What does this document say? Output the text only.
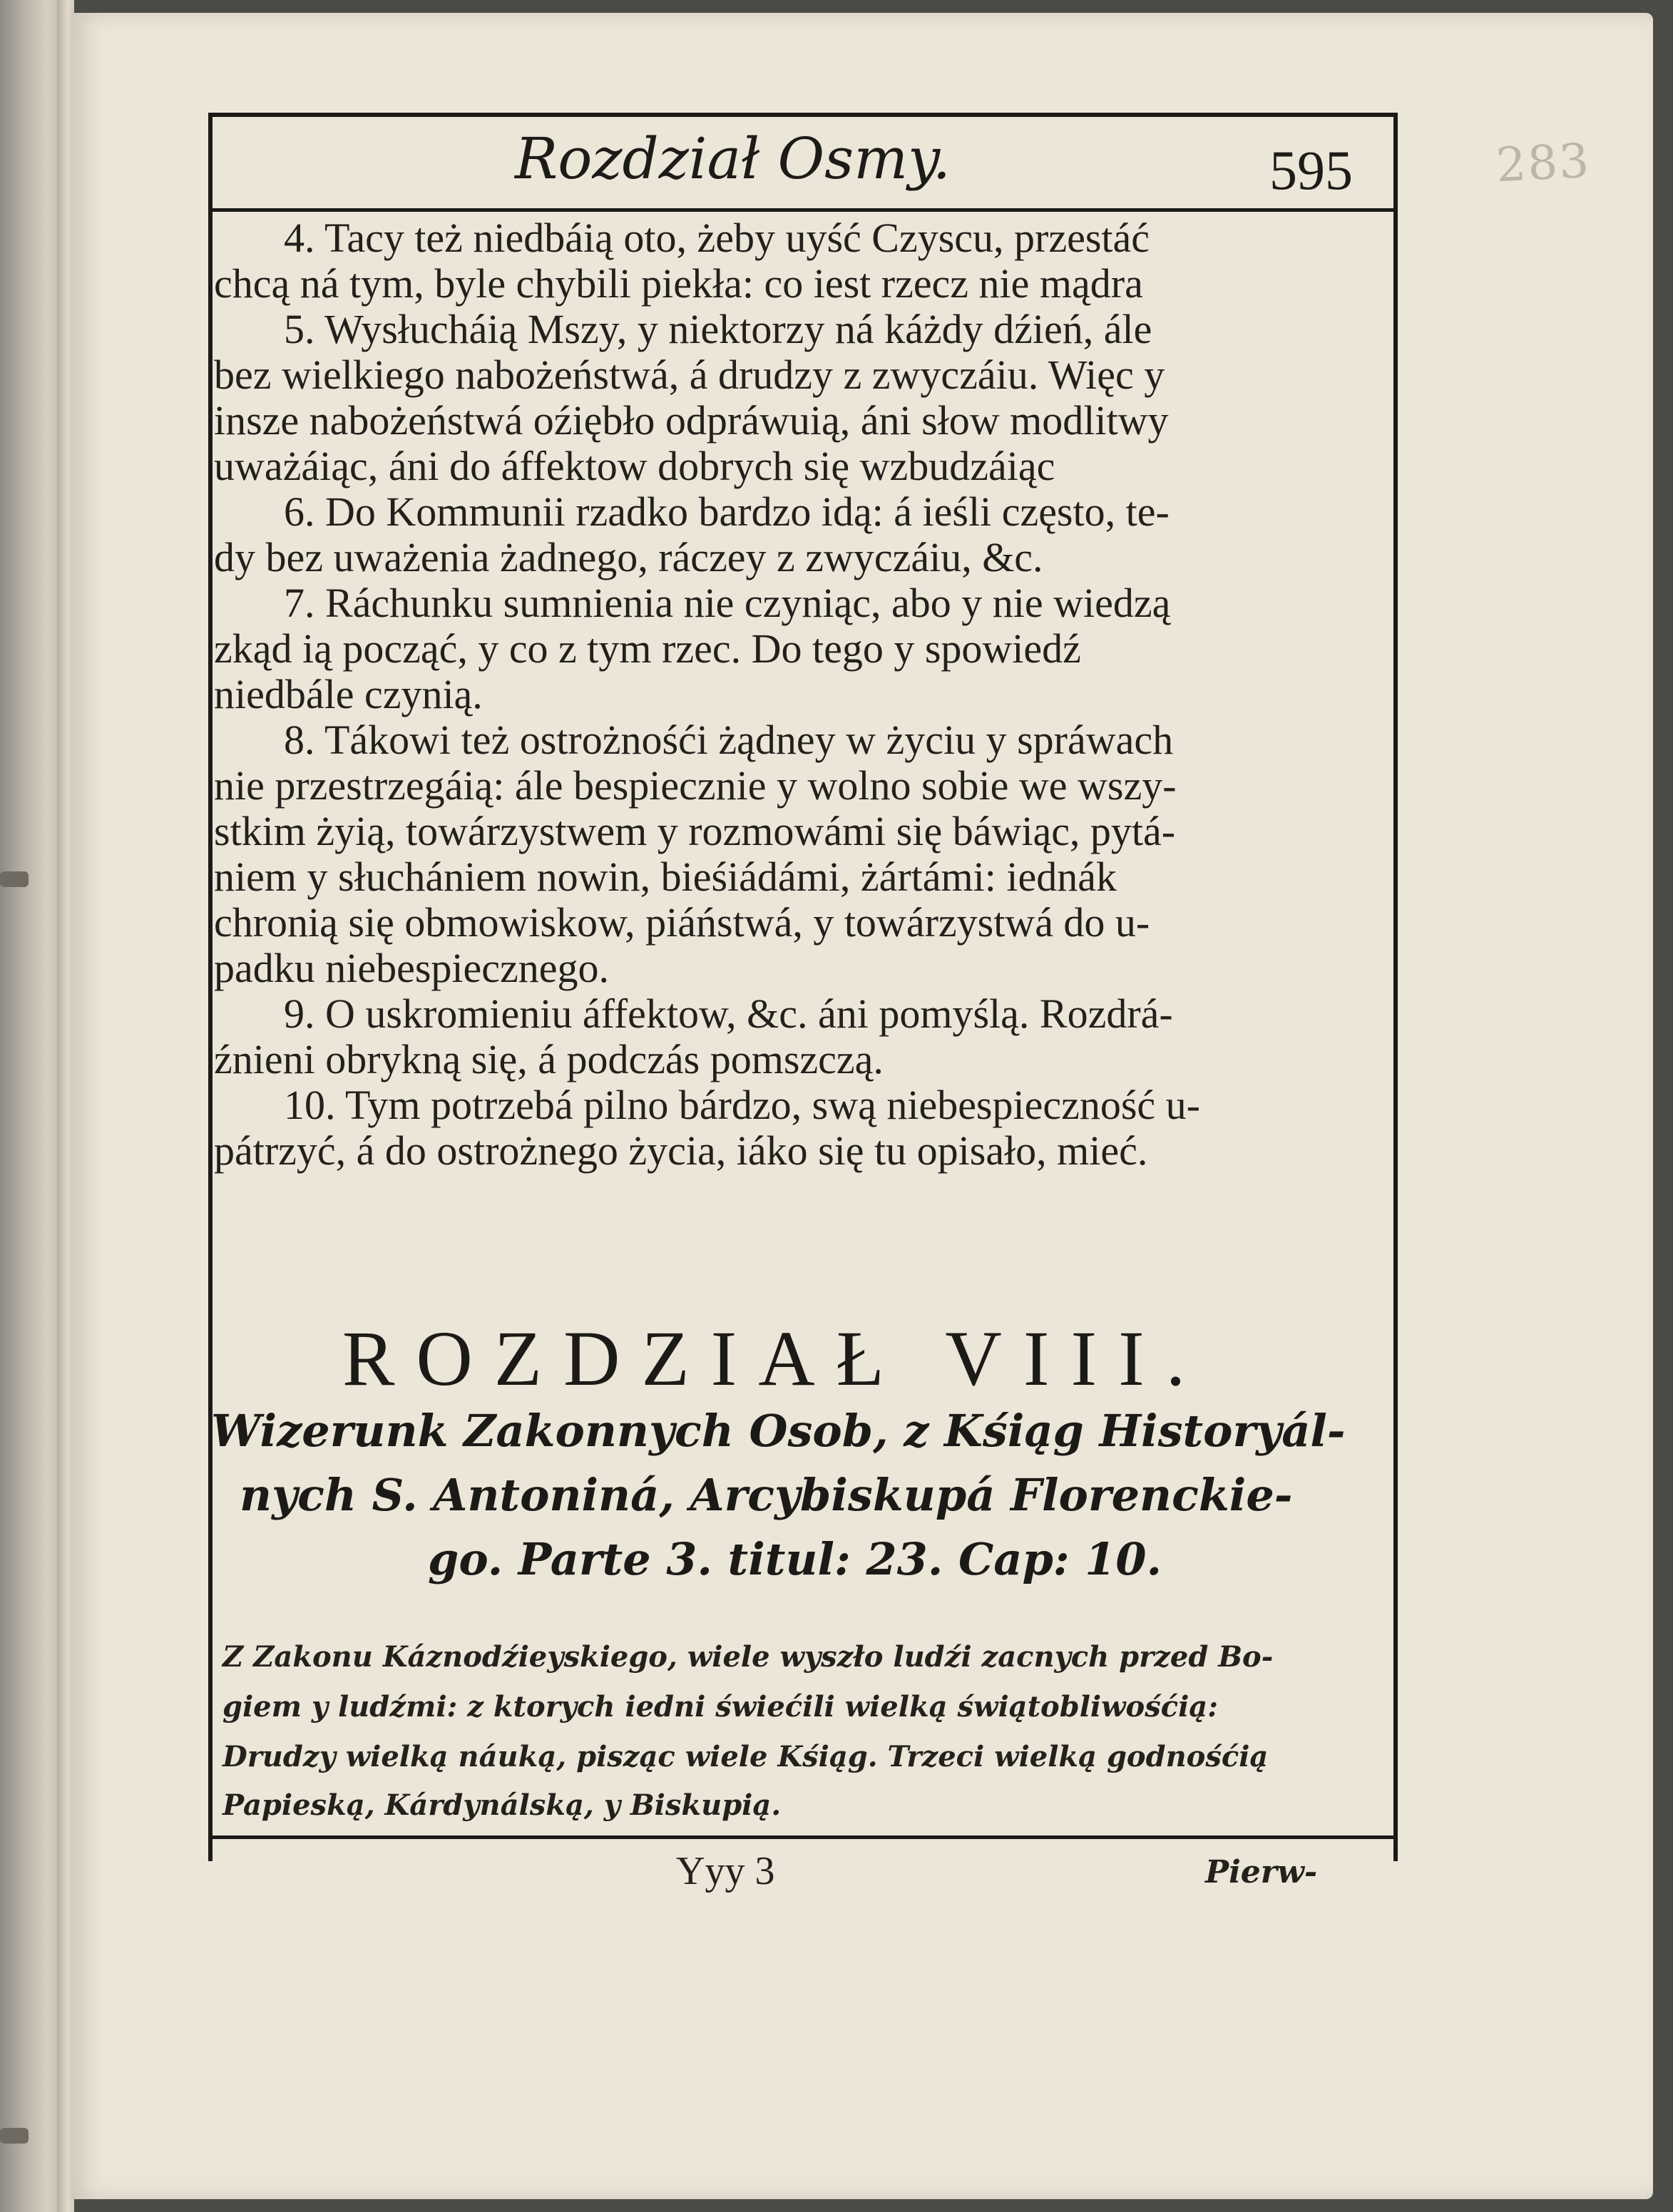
283
Rozdział Osmy.	595
4. Tacy też niedbáią oto, żeby uyść Czyscu, przestáć
chcą ná tym, byle chybili piekła: co iest rzecz nie mądra
5. Wysłucháią Mszy, y niektorzy ná káżdy dźień, ále
bez wielkiego nabożeństwá, á drudzy z zwyczáiu. Więc y
insze nabożeństwá oźiębło odpráwuią, áni słow modlitwy
uważáiąc, áni do áffektow dobrych się wzbudzáiąc
6. Do Kommunii rzadko bardzo idą: á ieśli często, te-
dy bez uważenia żadnego, ráczey z zwyczáiu, &c.
7. Ráchunku sumnienia nie czyniąc, abo y nie wiedzą
zkąd ią począć, y co z tym rzec. Do tego y spowiedź
niedbále czynią.
8. Tákowi też ostrożnośći żądney w życiu y spráwach
nie przestrzegáią: ále bespiecznie y wolno sobie we wszy-
stkim żyią, towárzystwem y rozmowámi się báwiąc, pytá-
niem y słuchániem nowin, bieśiádámi, żártámi: iednák
chronią się obmowiskow, piáństwá, y towárzystwá do u-
padku niebespiecznego.
9. O uskromieniu áffektow, &c. áni pomyślą. Rozdrá-
źnieni obrykną się, á podczás pomszczą.
10. Tym potrzebá pilno bárdzo, swą niebespieczność u-
pátrzyć, á do ostrożnego życia, iáko się tu opisało, mieć.
ROZDZIAŁ VIII.
Wizerunk Zakonnych Osob, z Kśiąg Historyál-
nych S. Antoniná, Arcybiskupá Florenckie-
go. Parte 3. titul: 23. Cap: 10.
Z Zakonu Káznodźieyskiego, wiele wyszło ludźi zacnych przed Bo-
giem y ludźmi: z ktorych iedni świećili wielką świątobliwośćią:
Drudzy wielką náuką, pisząc wiele Kśiąg. Trzeci wielką godnośćią
Papieską, Kárdynálską, y Biskupią.
Yyy 3	Pierw-
